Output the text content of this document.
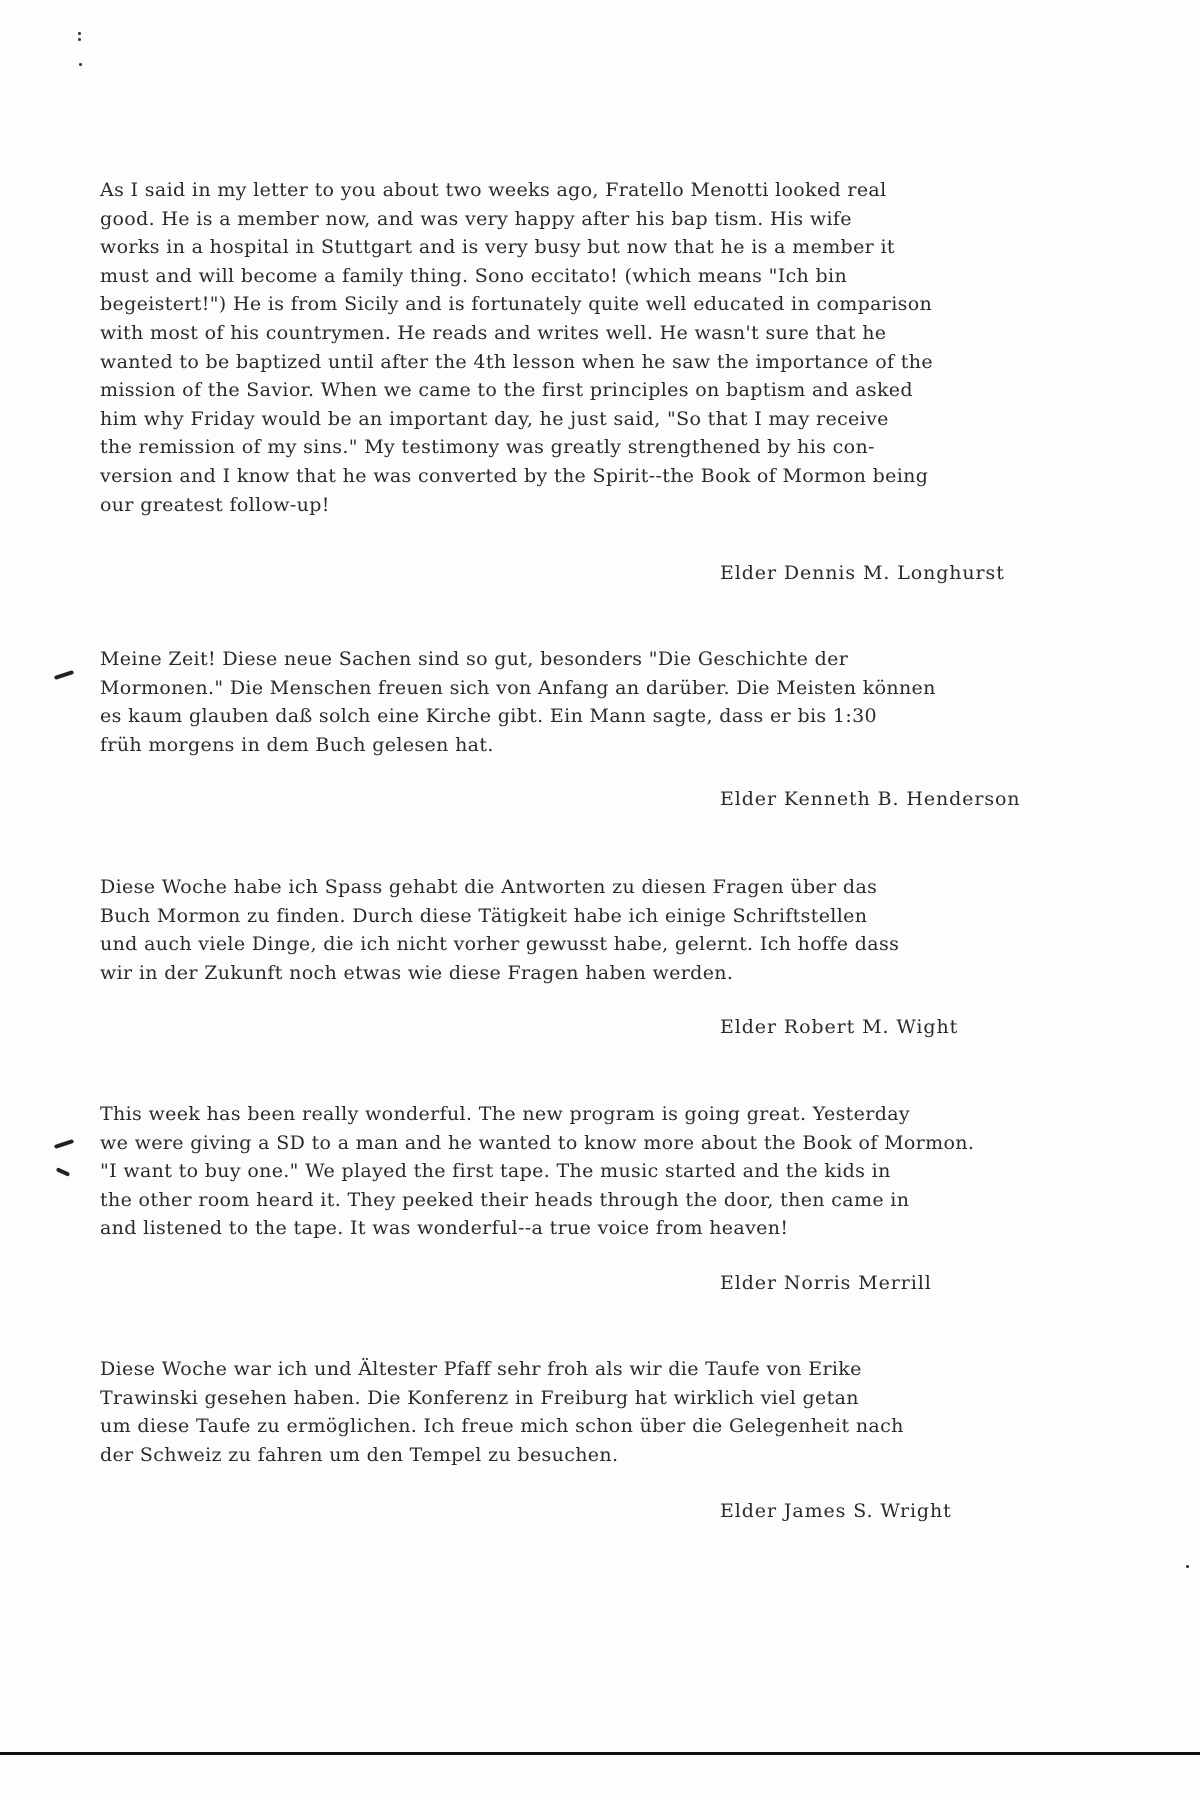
As I said in my letter to you about two weeks ago, Fratello Menotti looked real
good. He is a member now, and was very happy after his bap tism. His wife
works in a hospital in Stuttgart and is very busy but now that he is a member it
must and will become a family thing. Sono eccitato! (which means "Ich bin
begeistert!") He is from Sicily and is fortunately quite well educated in comparison
with most of his countrymen. He reads and writes well. He wasn't sure that he
wanted to be baptized until after the 4th lesson when he saw the importance of the
mission of the Savior. When we came to the first principles on baptism and asked
him why Friday would be an important day, he just said, "So that I may receive
the remission of my sins." My testimony was greatly strengthened by his con-
version and I know that he was converted by the Spirit--the Book of Mormon being
our greatest follow-up!

Elder Dennis M. Longhurst

Meine Zeit! Diese neue Sachen sind so gut, besonders "Die Geschichte der
Mormonen." Die Menschen freuen sich von Anfang an darüber. Die Meisten können
es kaum glauben daß solch eine Kirche gibt. Ein Mann sagte, dass er bis 1:30
früh morgens in dem Buch gelesen hat.

Elder Kenneth B. Henderson

Diese Woche habe ich Spass gehabt die Antworten zu diesen Fragen über das
Buch Mormon zu finden. Durch diese Tätigkeit habe ich einige Schriftstellen
und auch viele Dinge, die ich nicht vorher gewusst habe, gelernt. Ich hoffe dass
wir in der Zukunft noch etwas wie diese Fragen haben werden.

Elder Robert M. Wight

This week has been really wonderful. The new program is going great. Yesterday
we were giving a SD to a man and he wanted to know more about the Book of Mormon.
"I want to buy one." We played the first tape. The music started and the kids in
the other room heard it. They peeked their heads through the door, then came in
and listened to the tape. It was wonderful--a true voice from heaven!

Elder Norris Merrill

Diese Woche war ich und Ältester Pfaff sehr froh als wir die Taufe von Erike
Trawinski gesehen haben. Die Konferenz in Freiburg hat wirklich viel getan
um diese Taufe zu ermöglichen. Ich freue mich schon über die Gelegenheit nach
der Schweiz zu fahren um den Tempel zu besuchen.

Elder James S. Wright
